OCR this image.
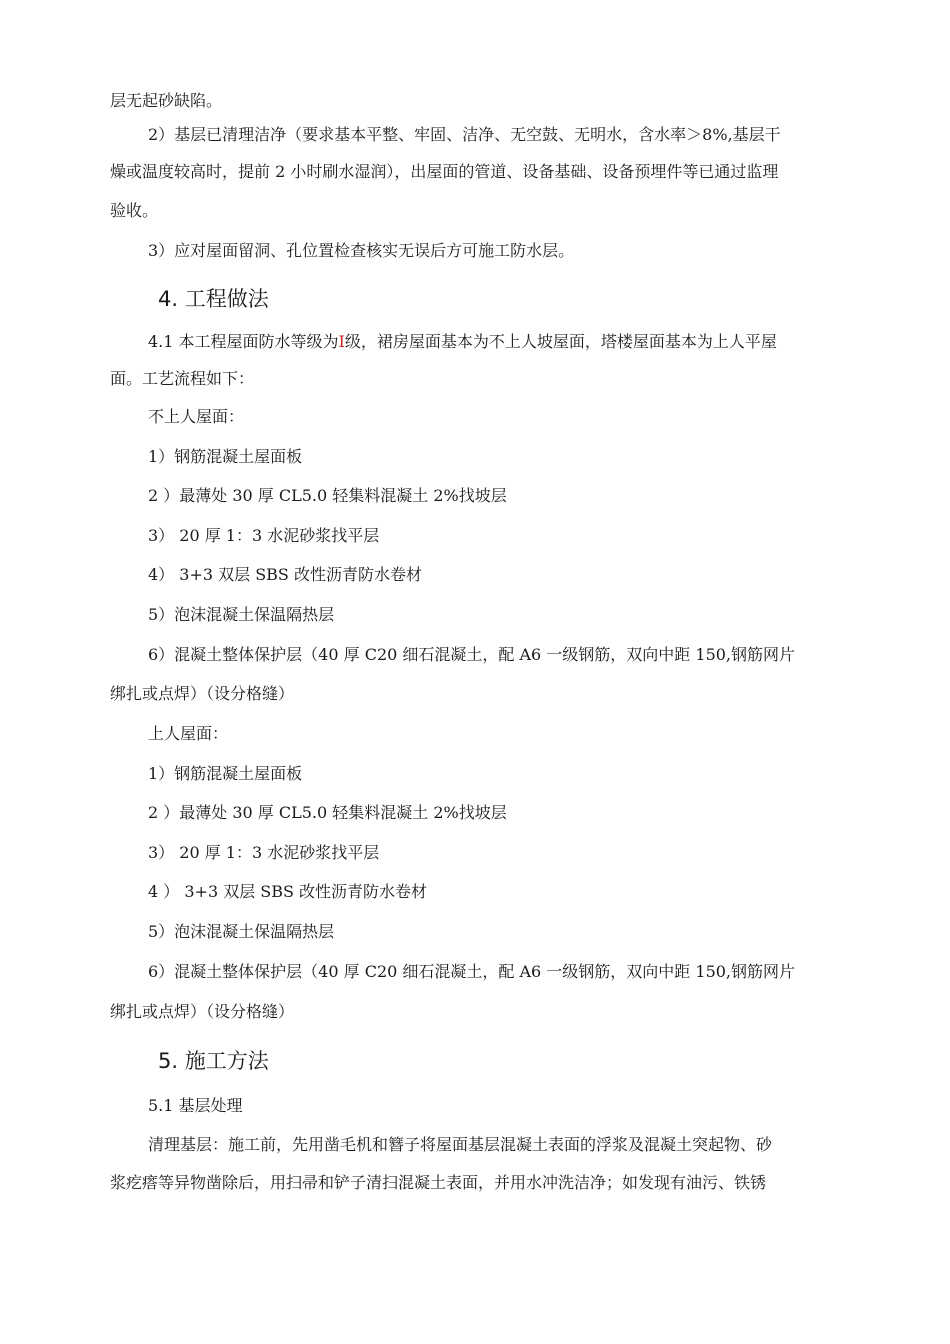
层无起砂缺陷。
2）基层已清理洁净（要求基本平整、牢固、洁净、无空鼓、无明水，含水率＞8%,基层干
燥或温度较高时，提前 2 小时刷水湿润），出屋面的管道、设备基础、设备预埋件等已通过监理
验收。
3）应对屋面留洞、孔位置检查核实无误后方可施工防水层。
4. 工程做法
4.1 本工程屋面防水等级为I级，裙房屋面基本为不上人坡屋面，塔楼屋面基本为上人平屋
面。工艺流程如下：
不上人屋面：
1）钢筋混凝土屋面板
2 ）最薄处 30 厚 CL5.0 轻集料混凝土 2%找坡层
3） 20 厚 1：3 水泥砂浆找平层
4） 3+3 双层 SBS 改性沥青防水卷材
5）泡沫混凝土保温隔热层
6）混凝土整体保护层（40 厚 C20 细石混凝土，配 A6 一级钢筋，双向中距 150,钢筋网片
绑扎或点焊）（设分格缝）
上人屋面：
1）钢筋混凝土屋面板
2 ）最薄处 30 厚 CL5.0 轻集料混凝土 2%找坡层
3） 20 厚 1：3 水泥砂浆找平层
4 ） 3+3 双层 SBS 改性沥青防水卷材
5）泡沫混凝土保温隔热层
6）混凝土整体保护层（40 厚 C20 细石混凝土，配 A6 一级钢筋，双向中距 150,钢筋网片
绑扎或点焊）（设分格缝）
5. 施工方法
5.1 基层处理
清理基层：施工前，先用凿毛机和簪子将屋面基层混凝土表面的浮浆及混凝土突起物、砂
浆疙瘩等异物凿除后，用扫帚和铲子清扫混凝土表面，并用水冲洗洁净；如发现有油污、铁锈
